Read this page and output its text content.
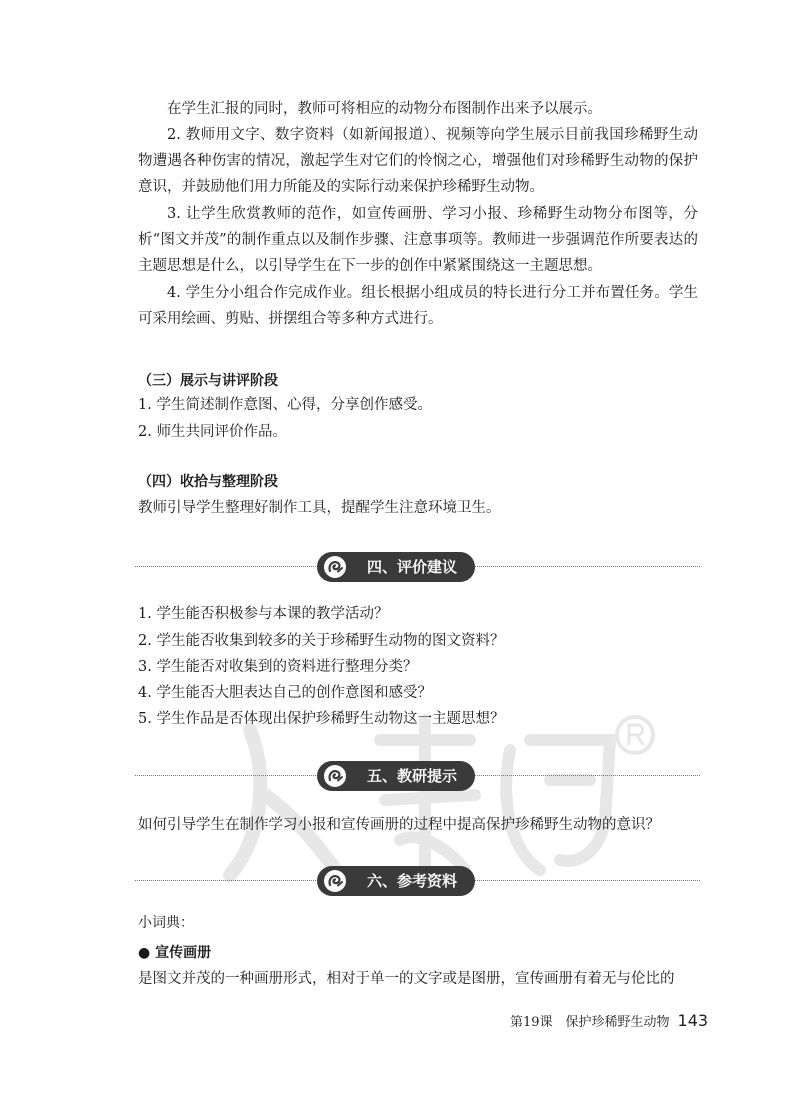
在学生汇报的同时，教师可将相应的动物分布图制作出来予以展示。

2. 教师用文字、数字资料（如新闻报道）、视频等向学生展示目前我国珍稀野生动物遭遇各种伤害的情况，激起学生对它们的怜悯之心，增强他们对珍稀野生动物的保护意识，并鼓励他们用力所能及的实际行动来保护珍稀野生动物。

3. 让学生欣赏教师的范作，如宣传画册、学习小报、珍稀野生动物分布图等，分析“图文并茂”的制作重点以及制作步骤、注意事项等。教师进一步强调范作所要表达的主题思想是什么，以引导学生在下一步的创作中紧紧围绕这一主题思想。

4. 学生分小组合作完成作业。组长根据小组成员的特长进行分工并布置任务。学生可采用绘画、剪贴、拼摆组合等多种方式进行。

（三）展示与讲评阶段
1. 学生简述制作意图、心得，分享创作感受。
2. 师生共同评价作品。
（四）收拾与整理阶段
教师引导学生整理好制作工具，提醒学生注意环境卫生。
四、评价建议
1. 学生能否积极参与本课的教学活动？
2. 学生能否收集到较多的关于珍稀野生动物的图文资料？
3. 学生能否对收集到的资料进行整理分类？
4. 学生能否大胆表达自己的创作意图和感受？
5. 学生作品是否体现出保护珍稀野生动物这一主题思想？
五、教研提示
如何引导学生在制作学习小报和宣传画册的过程中提高保护珍稀野生动物的意识？
六、参考资料
小词典：
● 宣传画册
是图文并茂的一种画册形式，相对于单一的文字或是图册，宣传画册有着无与伦比的
第19课　保护珍稀野生动物 143
